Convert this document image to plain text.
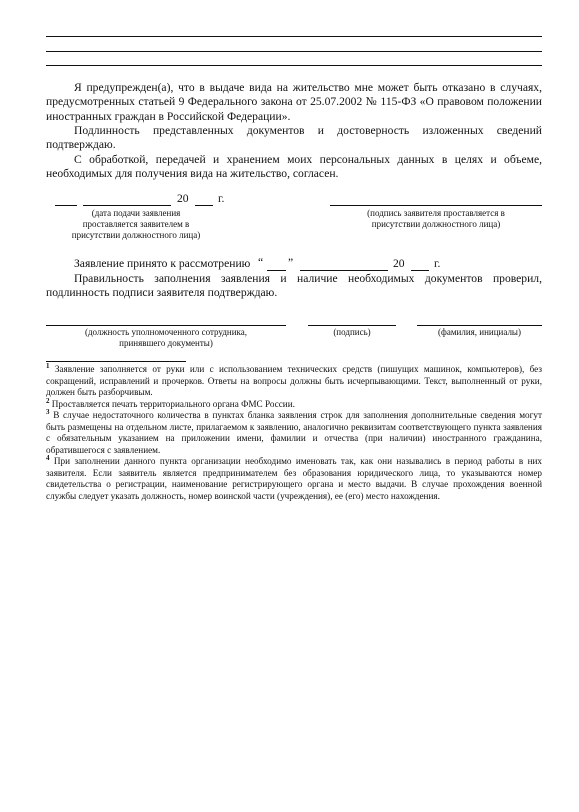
Я предупрежден(а), что в выдаче вида на жительство мне может быть отказано в случаях, предусмотренных статьей 9 Федерального закона от 25.07.2002 № 115-ФЗ «О правовом положении иностранных граждан в Российской Федерации».

Подлинность представленных документов и достоверность изложенных сведений подтверждаю.

С обработкой, передачей и хранением моих персональных данных в целях и объеме, необходимых для получения вида на жительство, согласен.

20	г.
(дата подачи заявления проставляется заявителем в присутствии должностного лица)
(подпись заявителя проставляется в присутствии должностного лица)
Заявление принято к рассмотрению “ ”	20	г.

Правильность заполнения заявления и наличие необходимых документов проверил, подлинность подписи заявителя подтверждаю.

(должность уполномоченного сотрудника, принявшего документы)
(подпись)	(фамилия, инициалы)

$^1$ Заявление заполняется от руки или с использованием технических средств (пишущих машинок, компьютеров), без сокращений, исправлений и прочерков. Ответы на вопросы должны быть исчерпывающими. Текст, выполненный от руки, должен быть разборчивым.

$^2$ Проставляется печать территориального органа ФМС России.

$^3$ В случае недостаточного количества в пунктах бланка заявления строк для заполнения дополнительные сведения могут быть размещены на отдельном листе, прилагаемом к заявлению, аналогично реквизитам соответствующего пункта заявления с обязательным указанием на приложении имени, фамилии и отчества (при наличии) иностранного гражданина, обратившегося с заявлением.

$^4$ При заполнении данного пункта организации необходимо именовать так, как они назывались в период работы в них заявителя. Если заявитель является предпринимателем без образования юридического лица, то указываются номер свидетельства о регистрации, наименование регистрирующего органа и место выдачи. В случае прохождения военной службы следует указать должность, номер воинской части (учреждения), ее (его) место нахождения.
